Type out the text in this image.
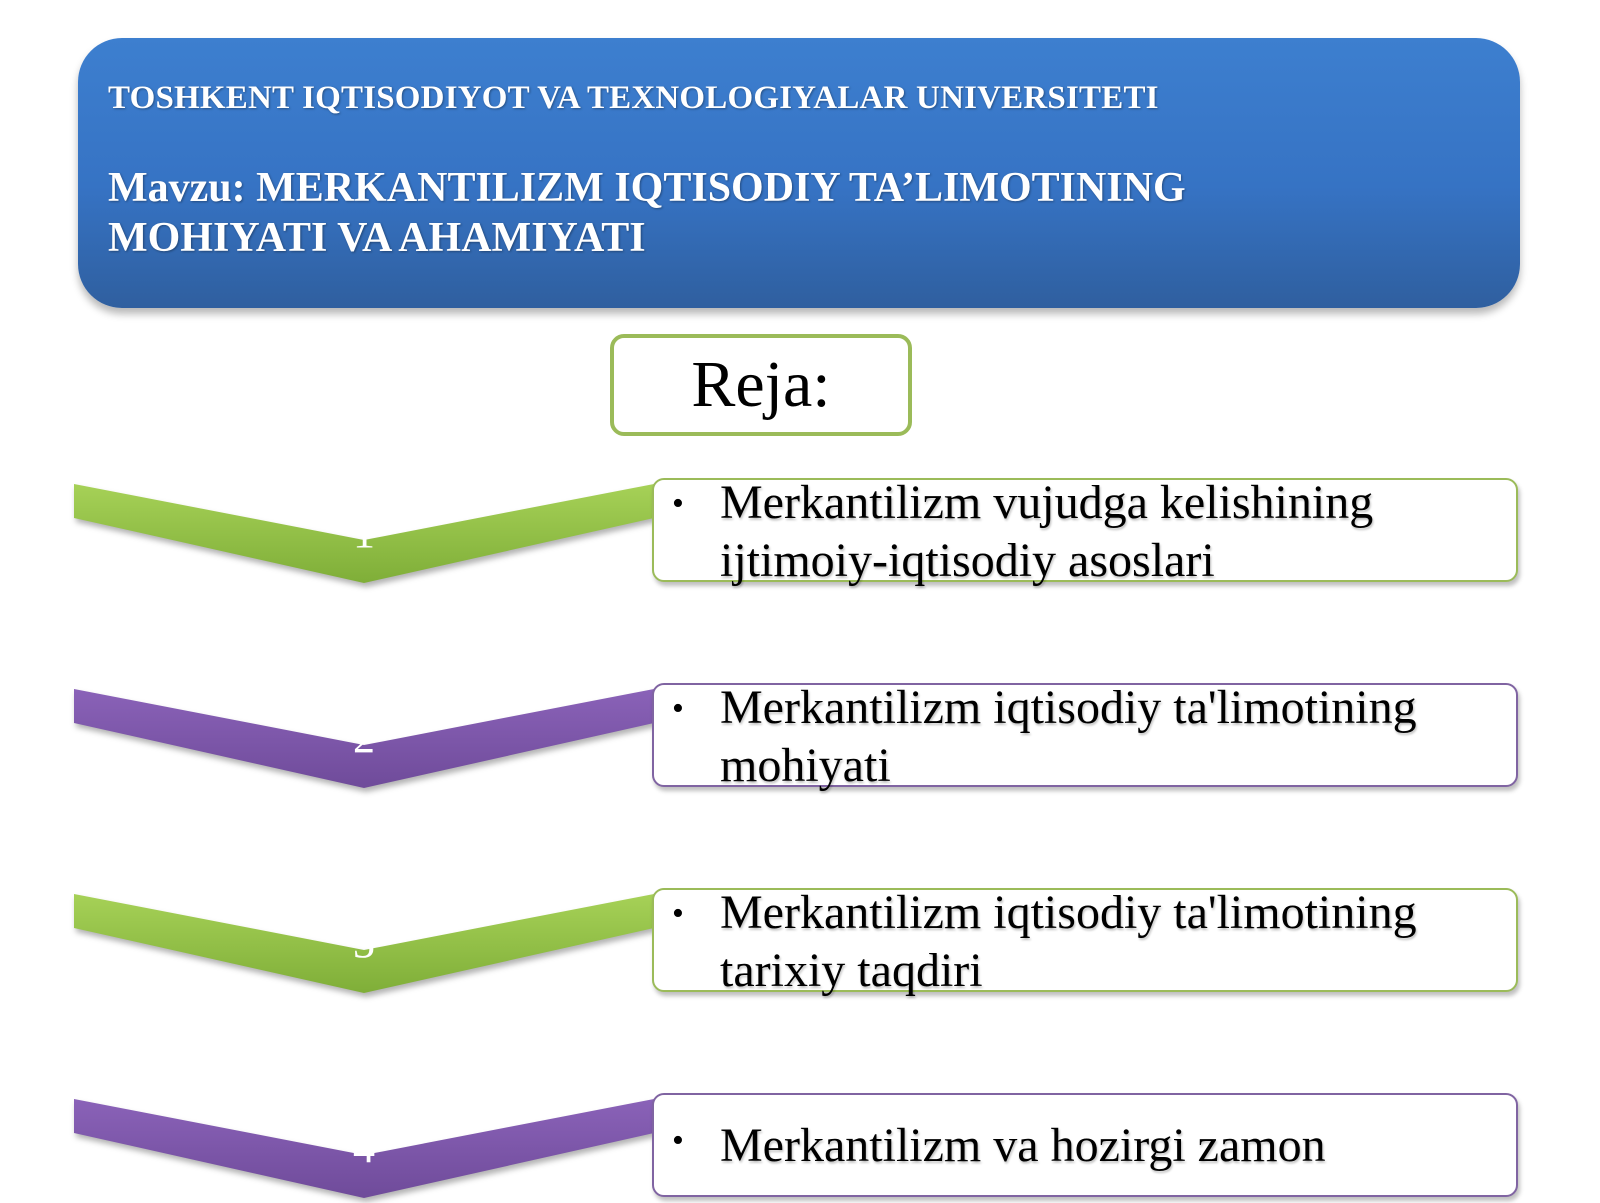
TOSHKENT IQTISODIYOT VA TEXNOLOGIYALAR UNIVERSITETI
Mavzu: MERKANTILIZM IQTISODIY TA’LIMOTINING
MOHIYATI VA AHAMIYATI
Reja:
1
• Merkantilizm vujudga kelishining
ijtimoiy-iqtisodiy asoslari
2
• Merkantilizm iqtisodiy ta'limotining
mohiyati
3
• Merkantilizm iqtisodiy ta'limotining
tarixiy taqdiri
4	• Merkantilizm va hozirgi zamon
